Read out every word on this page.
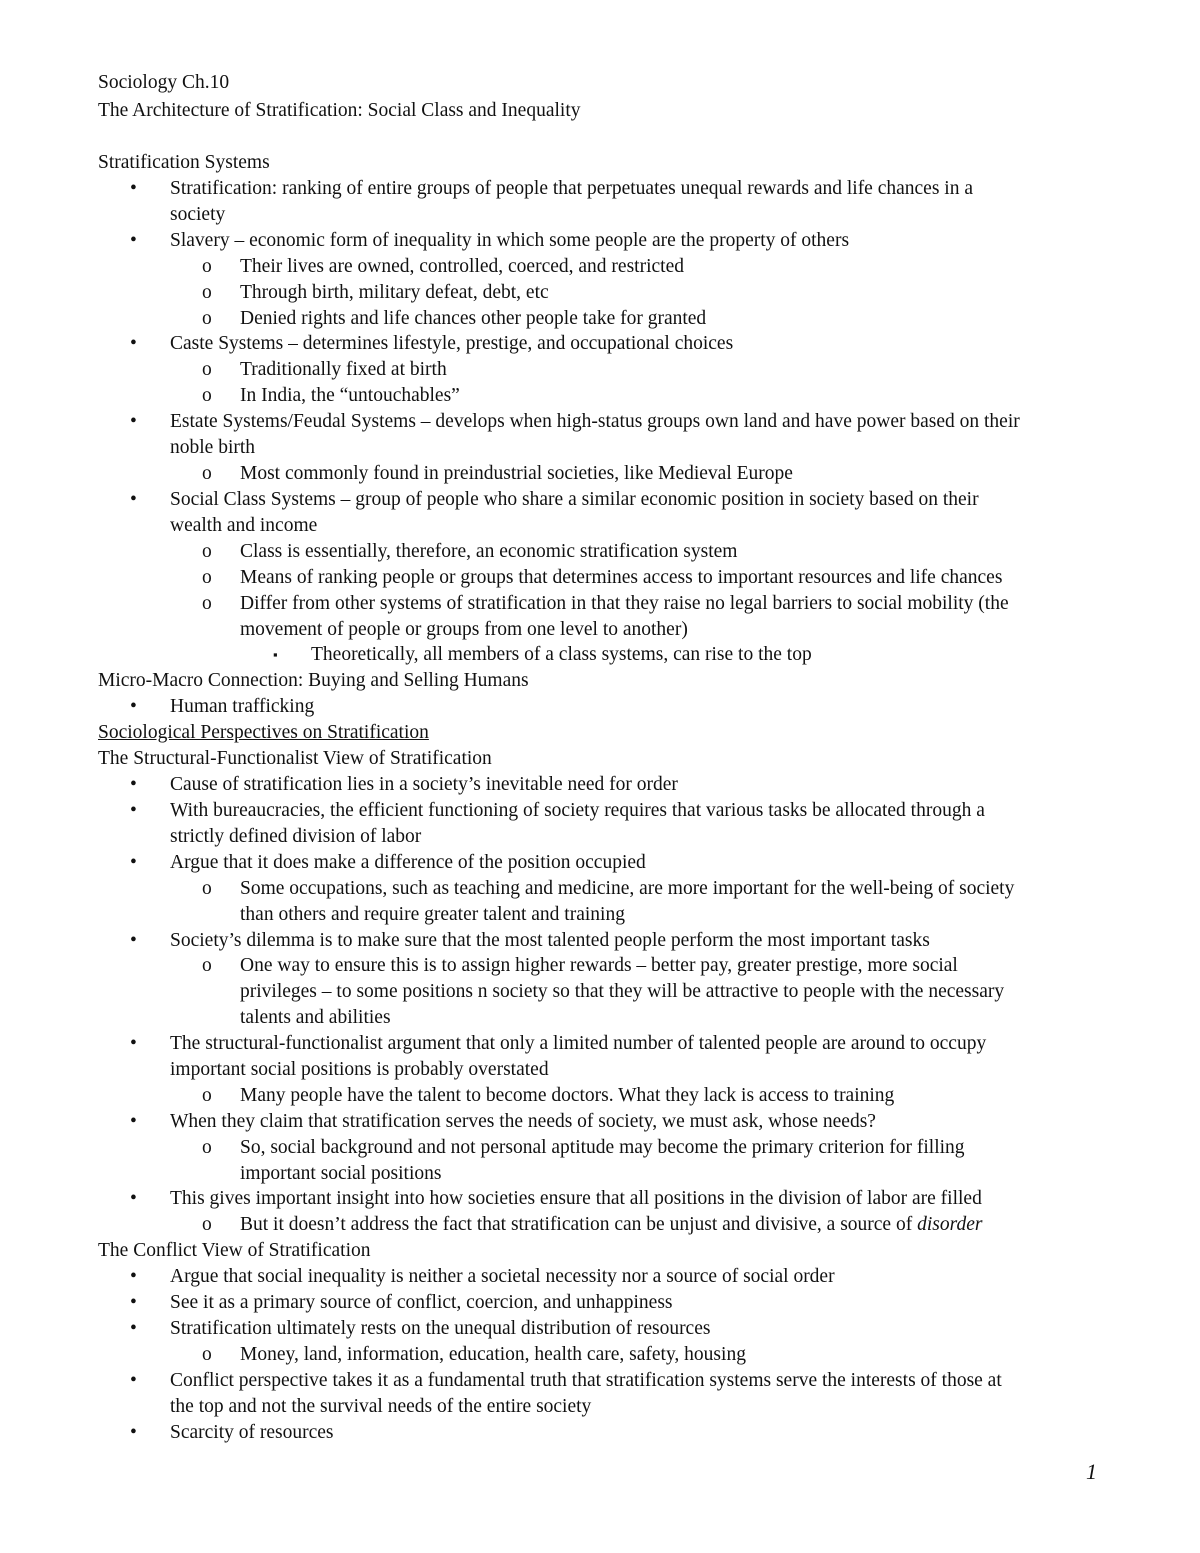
Sociology Ch.10
The Architecture of Stratification: Social Class and Inequality
Stratification Systems
• Stratification: ranking of entire groups of people that perpetuates unequal rewards and life chances in a
society
• Slavery – economic form of inequality in which some people are the property of others
o Their lives are owned, controlled, coerced, and restricted
o Through birth, military defeat, debt, etc
o Denied rights and life chances other people take for granted
• Caste Systems – determines lifestyle, prestige, and occupational choices
o Traditionally fixed at birth
o In India, the “untouchables”
• Estate Systems/Feudal Systems – develops when high-status groups own land and have power based on their
noble birth
o Most commonly found in preindustrial societies, like Medieval Europe
• Social Class Systems – group of people who share a similar economic position in society based on their
wealth and income
o Class is essentially, therefore, an economic stratification system
o Means of ranking people or groups that determines access to important resources and life chances
o Differ from other systems of stratification in that they raise no legal barriers to social mobility (the
movement of people or groups from one level to another)
▪ Theoretically, all members of a class systems, can rise to the top
Micro-Macro Connection: Buying and Selling Humans
• Human trafficking
Sociological Perspectives on Stratification
The Structural-Functionalist View of Stratification
• Cause of stratification lies in a society’s inevitable need for order
• With bureaucracies, the efficient functioning of society requires that various tasks be allocated through a
strictly defined division of labor
• Argue that it does make a difference of the position occupied
o Some occupations, such as teaching and medicine, are more important for the well-being of society
than others and require greater talent and training
• Society’s dilemma is to make sure that the most talented people perform the most important tasks
o One way to ensure this is to assign higher rewards – better pay, greater prestige, more social
privileges – to some positions n society so that they will be attractive to people with the necessary
talents and abilities
• The structural-functionalist argument that only a limited number of talented people are around to occupy
important social positions is probably overstated
o Many people have the talent to become doctors. What they lack is access to training
• When they claim that stratification serves the needs of society, we must ask, whose needs?
o So, social background and not personal aptitude may become the primary criterion for filling
important social positions
• This gives important insight into how societies ensure that all positions in the division of labor are filled
o But it doesn’t address the fact that stratification can be unjust and divisive, a source of disorder
The Conflict View of Stratification
• Argue that social inequality is neither a societal necessity nor a source of social order
• See it as a primary source of conflict, coercion, and unhappiness
• Stratification ultimately rests on the unequal distribution of resources
o Money, land, information, education, health care, safety, housing
• Conflict perspective takes it as a fundamental truth that stratification systems serve the interests of those at
the top and not the survival needs of the entire society
• Scarcity of resources
1
